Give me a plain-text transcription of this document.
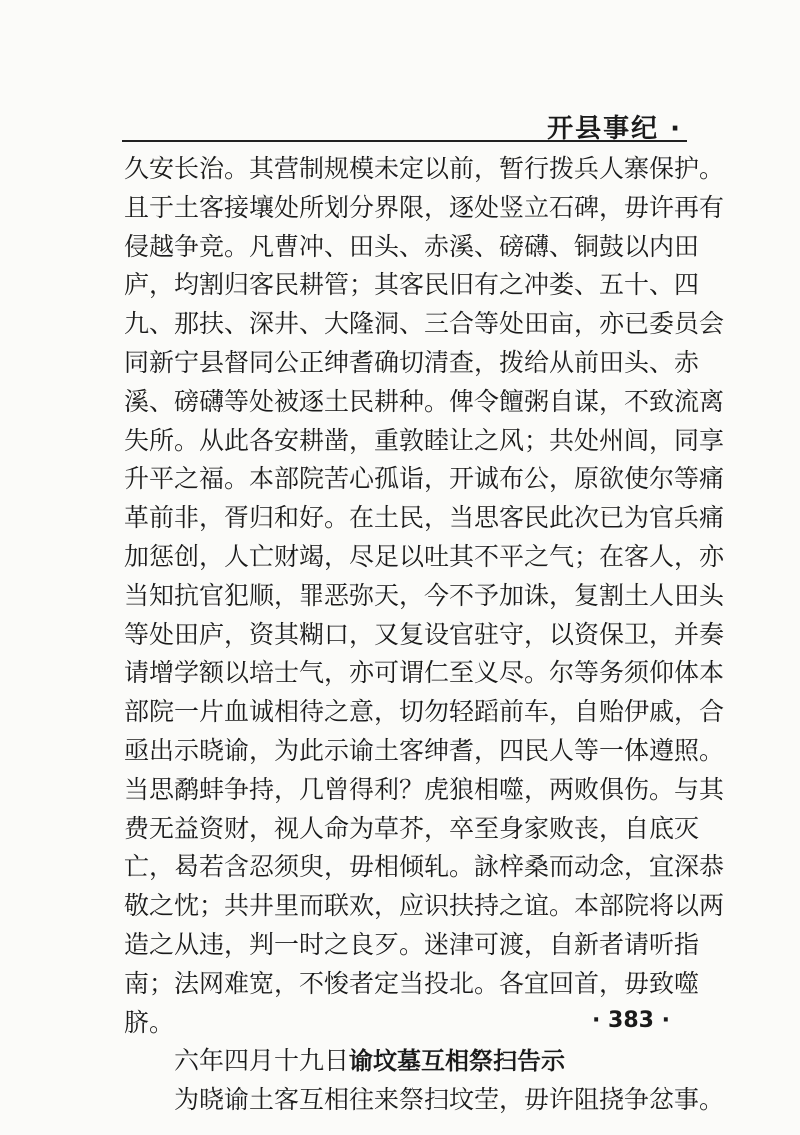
开县事纪 ·
久安长治。其营制规模未定以前，暂行拨兵人寨保护。
且于土客接壤处所划分界限，逐处竖立石碑，毋许再有
侵越争竞。凡曹冲、田头、赤溪、磅礴、铜鼓以内田
庐，均割归客民耕管；其客民旧有之冲娄、五十、四
九、那扶、深井、大隆洞、三合等处田亩，亦已委员会
同新宁县督同公正绅耆确切清查，拨给从前田头、赤
溪、磅礴等处被逐土民耕种。俾令饘粥自谋，不致流离
失所。从此各安耕凿，重敦睦让之风；共处州闾，同享
升平之福。本部院苦心孤诣，开诚布公，原欲使尔等痛
革前非，胥归和好。在土民，当思客民此次已为官兵痛
加惩创，人亡财竭，尽足以吐其不平之气；在客人，亦
当知抗官犯顺，罪恶弥天，今不予加诛，复割土人田头
等处田庐，资其糊口，又复设官驻守，以资保卫，并奏
请增学额以培士气，亦可谓仁至义尽。尔等务须仰体本
部院一片血诚相待之意，切勿轻蹈前车，自贻伊戚，合
亟出示晓谕，为此示谕土客绅耆，四民人等一体遵照。
当思鹬蚌争持，几曾得利？虎狼相噬，两败俱伤。与其
费无益资财，视人命为草芥，卒至身家败丧，自底灭
亡，曷若含忍须臾，毋相倾轧。詠梓桑而动念，宜深恭
敬之忱；共井里而联欢，应识扶持之谊。本部院将以两
造之从违，判一时之良歹。迷津可渡，自新者请听指
南；法网难宽，不悛者定当投北。各宜回首，毋致噬
脐。
六年四月十九日谕坟墓互相祭扫告示
为晓谕土客互相往来祭扫坟茔，毋许阻挠争忿事。
· 383 ·
